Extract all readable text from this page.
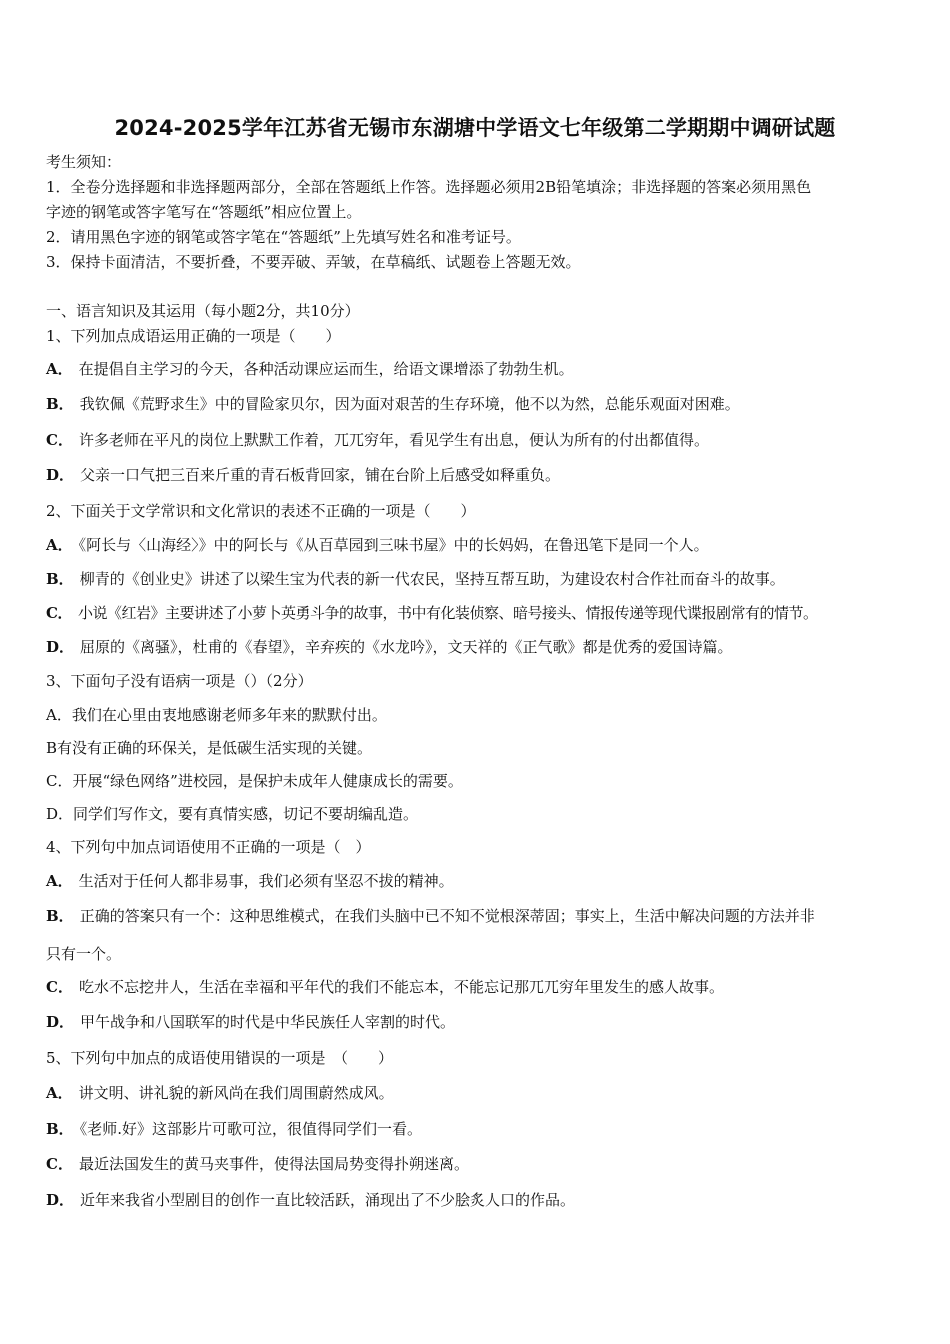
2024-2025学年江苏省无锡市东湖塘中学语文七年级第二学期期中调研试题
考生须知：
1．全卷分选择题和非选择题两部分，全部在答题纸上作答。选择题必须用2B铅笔填涂；非选择题的答案必须用黑色
字迹的钢笔或答字笔写在“答题纸”相应位置上。
2．请用黑色字迹的钢笔或答字笔在“答题纸”上先填写姓名和准考证号。
3．保持卡面清洁，不要折叠，不要弄破、弄皱，在草稿纸、试题卷上答题无效。
一、语言知识及其运用（每小题2分，共10分）
1、下列加点成语运用正确的一项是（　　）
A． 在提倡自主学习的今天，各种活动课应运而生，给语文课增添了勃勃生机。
B． 我钦佩《荒野求生》中的冒险家贝尔，因为面对艰苦的生存环境，他不以为然，总能乐观面对困难。
C． 许多老师在平凡的岗位上默默工作着，兀兀穷年，看见学生有出息，便认为所有的付出都值得。
D． 父亲一口气把三百来斤重的青石板背回家，铺在台阶上后感受如释重负。
2、下面关于文学常识和文化常识的表述不正确的一项是（　　）
A． 《阿长与〈山海经〉》中的阿长与《从百草园到三味书屋》中的长妈妈，在鲁迅笔下是同一个人。
B． 柳青的《创业史》讲述了以梁生宝为代表的新一代农民，坚持互帮互助，为建设农村合作社而奋斗的故事。
C． 小说《红岩》主要讲述了小萝卜英勇斗争的故事，书中有化装侦察、暗号接头、情报传递等现代谍报剧常有的情节。
D． 屈原的《离骚》，杜甫的《春望》，辛弃疾的《水龙吟》，文天祥的《正气歌》都是优秀的爱国诗篇。
3、下面句子没有语病一项是（）（2分）
A．我们在心里由衷地感谢老师多年来的默默付出。
B有没有正确的环保关，是低碳生活实现的关键。
C．开展“绿色网络”进校园，是保护未成年人健康成长的需要。
D．同学们写作文，要有真情实感，切记不要胡编乱造。
4、下列句中加点词语使用不正确的一项是（　）
A． 生活对于任何人都非易事，我们必须有坚忍不拔的精神。
B． 正确的答案只有一个：这种思维模式，在我们头脑中已不知不觉根深蒂固；事实上，生活中解决问题的方法并非
只有一个。
C． 吃水不忘挖井人，生活在幸福和平年代的我们不能忘本，不能忘记那兀兀穷年里发生的感人故事。
D． 甲午战争和八国联军的时代是中华民族任人宰割的时代。
5、下列句中加点的成语使用错误的一项是　（　　）
A． 讲文明、讲礼貌的新风尚在我们周围蔚然成风。
B． 《老师.好》这部影片可歌可泣，很值得同学们一看。
C． 最近法国发生的黄马夹事件，使得法国局势变得扑朔迷离。
D． 近年来我省小型剧目的创作一直比较活跃，涌现出了不少脍炙人口的作品。
